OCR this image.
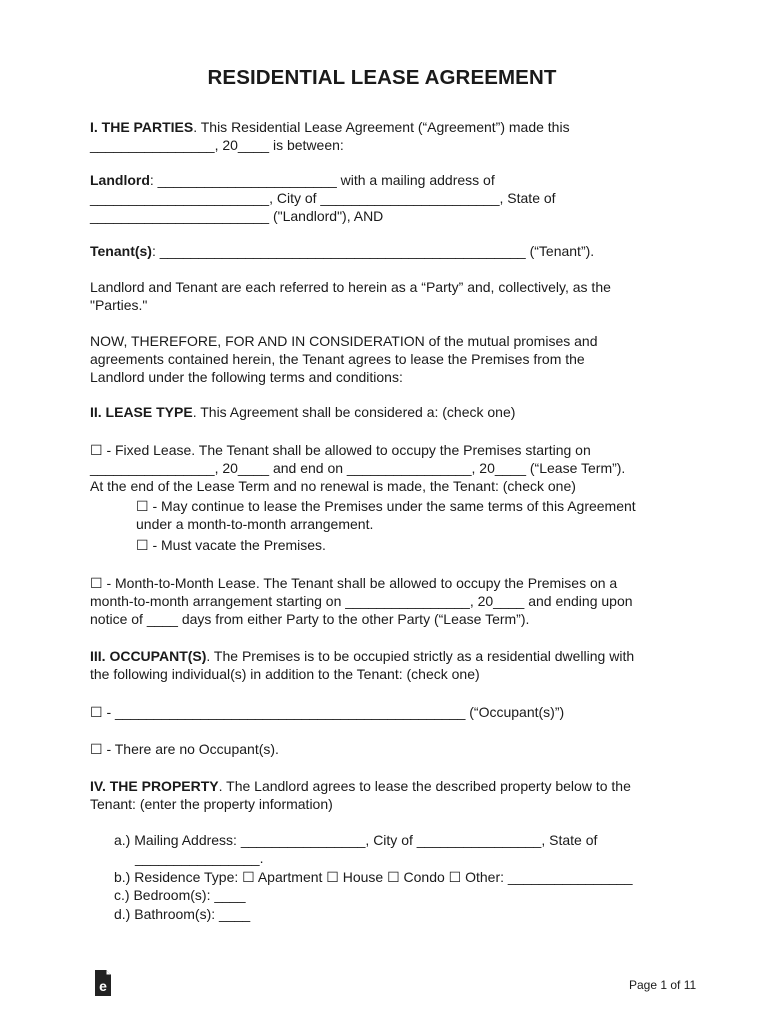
RESIDENTIAL LEASE AGREEMENT

I. THE PARTIES. This Residential Lease Agreement (“Agreement”) made this

________________, 20____ is between:

Landlord: _______________________ with a mailing address of

_______________________, City of _______________________, State of

_______________________ ("Landlord"), AND

Tenant(s): _______________________________________________ (“Tenant”).

Landlord and Tenant are each referred to herein as a “Party” and, collectively, as the

"Parties."

NOW, THEREFORE, FOR AND IN CONSIDERATION of the mutual promises and

agreements contained herein, the Tenant agrees to lease the Premises from the

Landlord under the following terms and conditions:

II. LEASE TYPE. This Agreement shall be considered a: (check one)

☐ - Fixed Lease. The Tenant shall be allowed to occupy the Premises starting on

________________, 20____ and end on ________________, 20____ (“Lease Term”).

At the end of the Lease Term and no renewal is made, the Tenant: (check one)

☐ - May continue to lease the Premises under the same terms of this Agreement

under a month-to-month arrangement.

☐ - Must vacate the Premises.

☐ - Month-to-Month Lease. The Tenant shall be allowed to occupy the Premises on a

month-to-month arrangement starting on ________________, 20____ and ending upon

notice of ____ days from either Party to the other Party (“Lease Term”).

III. OCCUPANT(S). The Premises is to be occupied strictly as a residential dwelling with

the following individual(s) in addition to the Tenant: (check one)

☐ - _____________________________________________ (“Occupant(s)”)

☐ - There are no Occupant(s).

IV. THE PROPERTY. The Landlord agrees to lease the described property below to the

Tenant: (enter the property information)

a.) Mailing Address: ________________, City of ________________, State of

________________.

b.) Residence Type: ☐ Apartment ☐ House ☐ Condo ☐ Other: ________________

c.) Bedroom(s): ____

d.) Bathroom(s): ____

e	Page 1 of 11
